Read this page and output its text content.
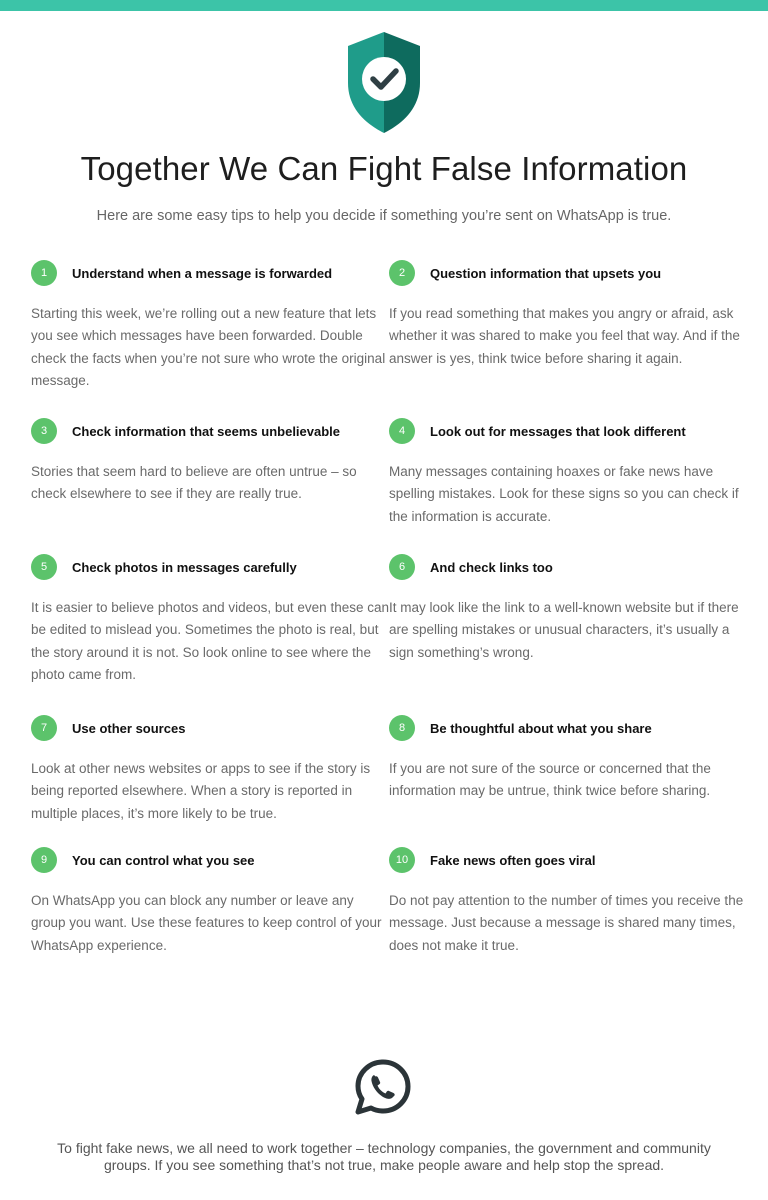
Together We Can Fight False Information

Here are some easy tips to help you decide if something you’re sent on WhatsApp is true.

1	Understand when a message is forwarded
Starting this week, we’re rolling out a new feature that lets you see which messages have been forwarded. Double check the facts when you’re not sure who wrote the original message.
2	Question information that upsets you
If you read something that makes you angry or afraid, ask whether it was shared to make you feel that way. And if the answer is yes, think twice before sharing it again.
3	Check information that seems unbelievable
Stories that seem hard to believe are often untrue – so check elsewhere to see if they are really true.
4	Look out for messages that look different
Many messages containing hoaxes or fake news have spelling mistakes. Look for these signs so you can check if the information is accurate.
5	Check photos in messages carefully
It is easier to believe photos and videos, but even these can be edited to mislead you. Sometimes the photo is real, but the story around it is not. So look online to see where the photo came from.
6	And check links too
It may look like the link to a well-known website but if there are spelling mistakes or unusual characters, it’s usually a sign something’s wrong.
7	Use other sources
Look at other news websites or apps to see if the story is being reported elsewhere. When a story is reported in multiple places, it’s more likely to be true.
8	Be thoughtful about what you share
If you are not sure of the source or concerned that the information may be untrue, think twice before sharing.
9	You can control what you see
On WhatsApp you can block any number or leave any group you want. Use these features to keep control of your WhatsApp experience.
10	Fake news often goes viral
Do not pay attention to the number of times you receive the message. Just because a message is shared many times, does not make it true.

To fight fake news, we all need to work together – technology companies, the government and community groups. If you see something that’s not true, make people aware and help stop the spread.
